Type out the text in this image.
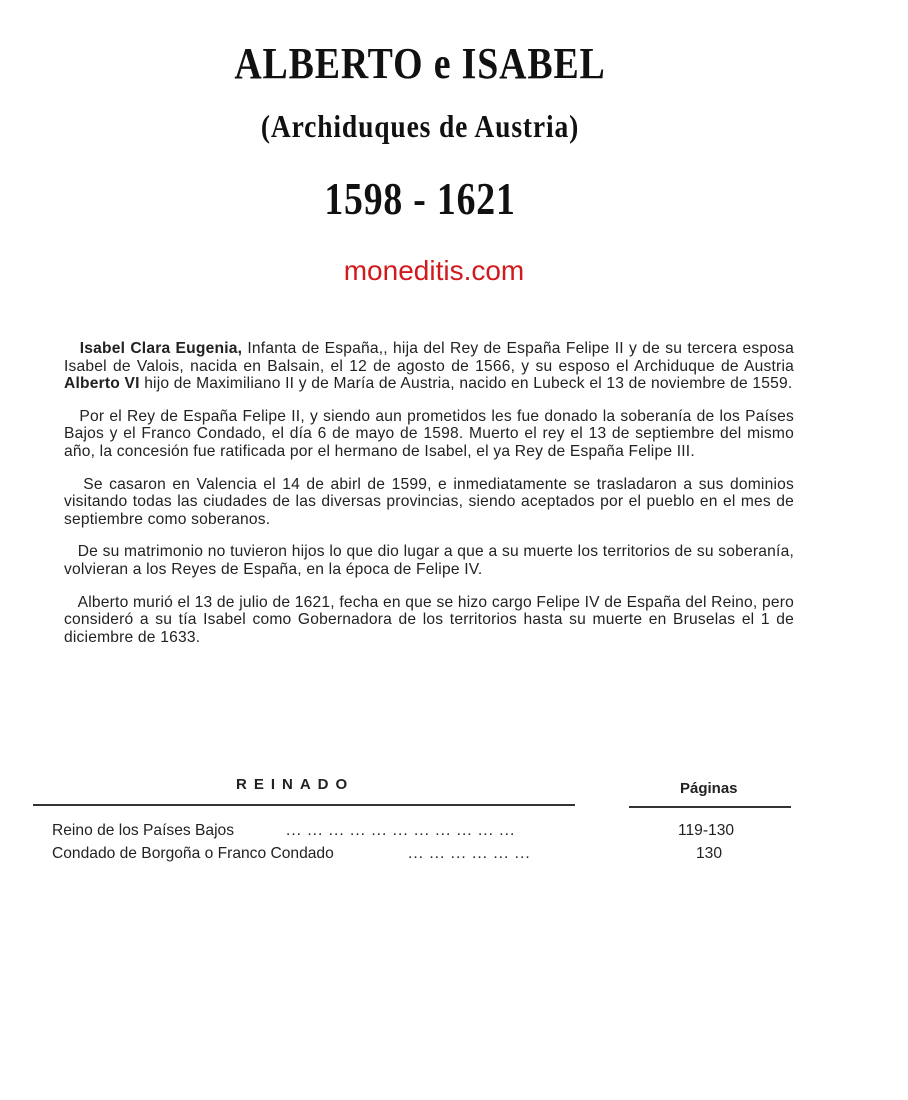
ALBERTO e ISABEL
(Archiduques de Austria)
1598 - 1621
moneditis.com

Isabel Clara Eugenia, Infanta de España,, hija del Rey de España Felipe II y de su tercera esposa Isabel de Valois, nacida en Balsain, el 12 de agosto de 1566, y su esposo el Archiduque de Austria Alberto VI hijo de Maximiliano II y de María de Austria, nacido en Lubeck el 13 de noviembre de 1559.

Por el Rey de España Felipe II, y siendo aun prometidos les fue donado la soberanía de los Países Bajos y el Franco Condado, el día 6 de mayo de 1598. Muerto el rey el 13 de septiembre del mismo año, la concesión fue ratificada por el hermano de Isabel, el ya Rey de España Felipe III.

Se casaron en Valencia el 14 de abirl de 1599, e inmediatamente se trasladaron a sus dominios visitando todas las ciudades de las diversas provincias, siendo aceptados por el pueblo en el mes de septiembre como soberanos.

De su matrimonio no tuvieron hijos lo que dio lugar a que a su muerte los territorios de su soberanía, volvieran a los Reyes de España, en la época de Felipe IV.

Alberto murió el 13 de julio de 1621, fecha en que se hizo cargo Felipe IV de España del Reino, pero consideró a su tía Isabel como Gobernadora de los territorios hasta su muerte en Bruselas el 1 de diciembre de 1633.

REINADO	Páginas
Reino de los Países Bajos	... ... ... ... ... ... ... ... ... ... ...	119-130
Condado de Borgoña o Franco Condado	... ... ... ... ... ...	130
